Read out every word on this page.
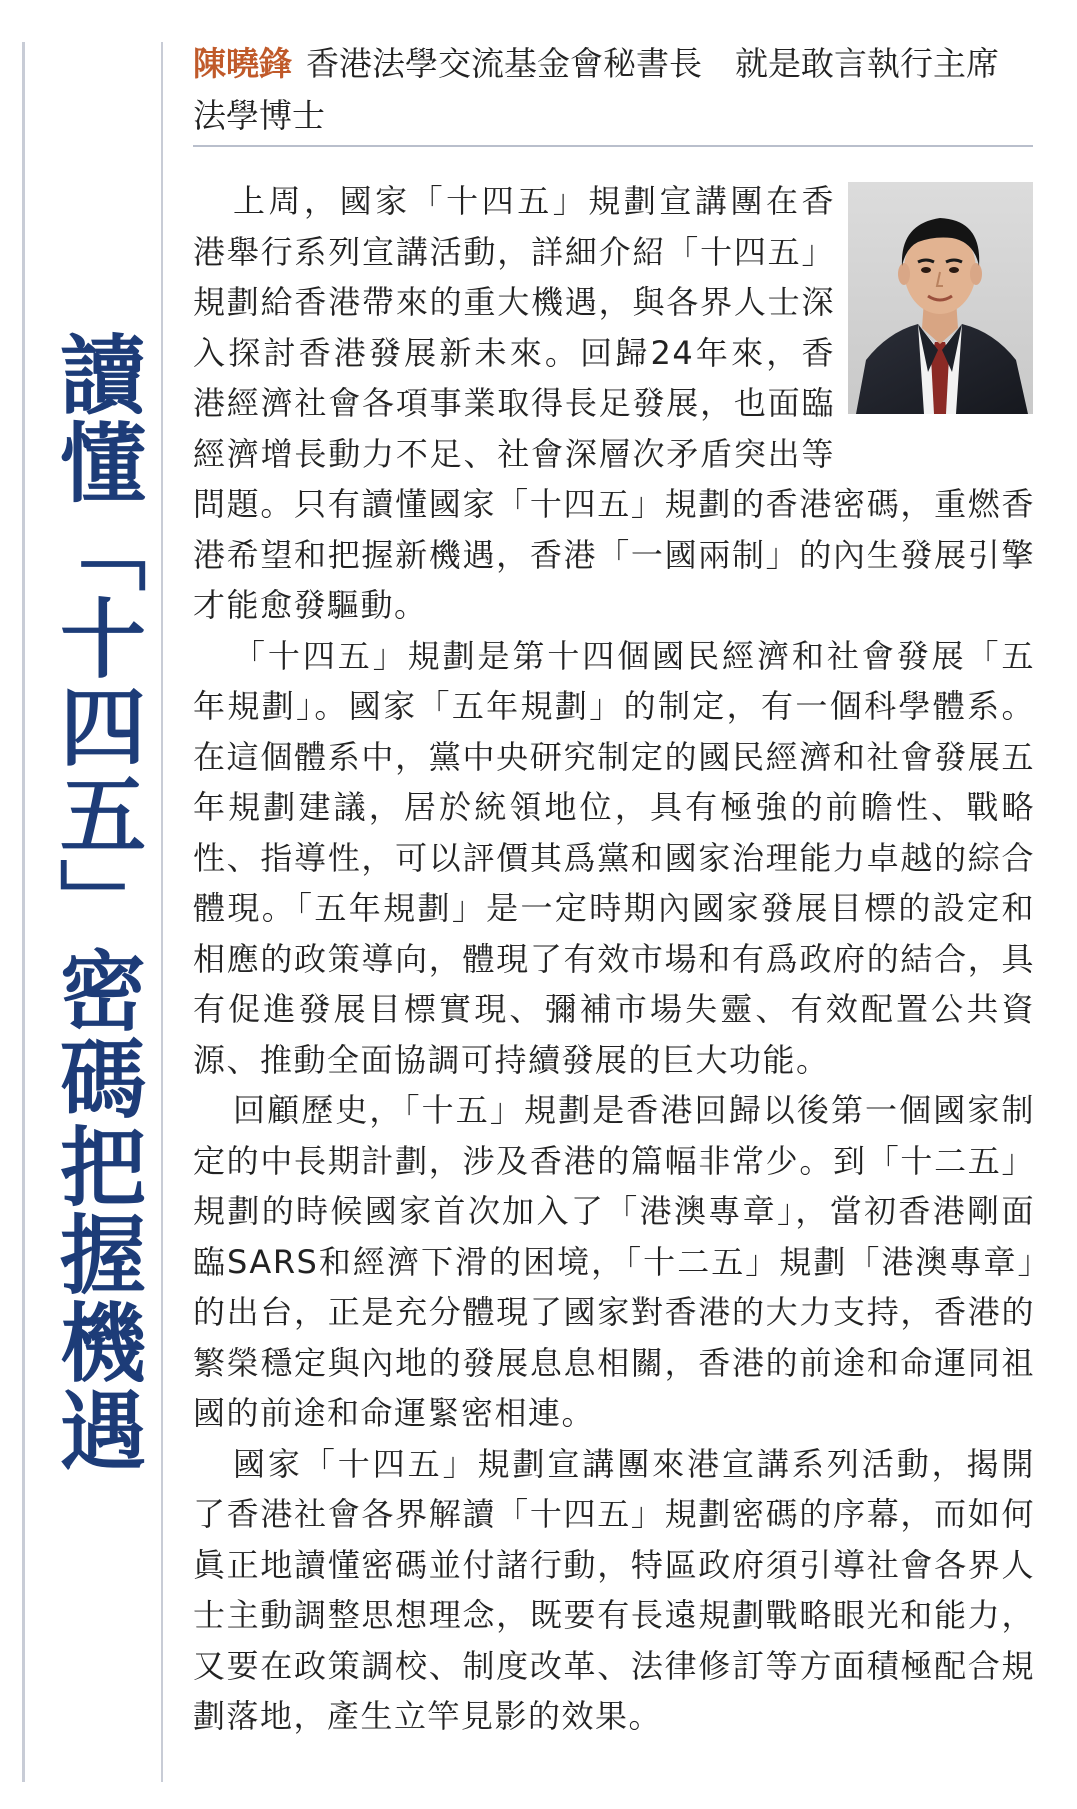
讀懂「十四五」密碼把握機遇
陳曉鋒 香港法學交流基金會秘書長　就是敢言執行主席　法學博士

上周，國家「十四五」規劃宣講團在香港舉行系列宣講活動，詳細介紹「十四五」規劃給香港帶來的重大機遇，與各界人士深入探討香港發展新未來。回歸24年來，香港經濟社會各項事業取得長足發展，也面臨經濟增長動力不足、社會深層次矛盾突出等問題。只有讀懂國家「十四五」規劃的香港密碼，重燃香港希望和把握新機遇，香港「一國兩制」的內生發展引擎才能愈發驅動。

「十四五」規劃是第十四個國民經濟和社會發展「五年規劃」。國家「五年規劃」的制定，有一個科學體系。在這個體系中，黨中央研究制定的國民經濟和社會發展五年規劃建議，居於統領地位，具有極強的前瞻性、戰略性、指導性，可以評價其爲黨和國家治理能力卓越的綜合體現。「五年規劃」是一定時期內國家發展目標的設定和相應的政策導向，體現了有效市場和有爲政府的結合，具有促進發展目標實現、彌補市場失靈、有效配置公共資源、推動全面協調可持續發展的巨大功能。

回顧歷史，「十五」規劃是香港回歸以後第一個國家制定的中長期計劃，涉及香港的篇幅非常少。到「十二五」規劃的時候國家首次加入了「港澳專章」，當初香港剛面臨SARS和經濟下滑的困境，「十二五」規劃「港澳專章」的出台，正是充分體現了國家對香港的大力支持，香港的繁榮穩定與內地的發展息息相關，香港的前途和命運同祖國的前途和命運緊密相連。

國家「十四五」規劃宣講團來港宣講系列活動，揭開了香港社會各界解讀「十四五」規劃密碼的序幕，而如何眞正地讀懂密碼並付諸行動，特區政府須引導社會各界人士主動調整思想理念，既要有長遠規劃戰略眼光和能力，又要在政策調校、制度改革、法律修訂等方面積極配合規劃落地，產生立竿見影的效果。
